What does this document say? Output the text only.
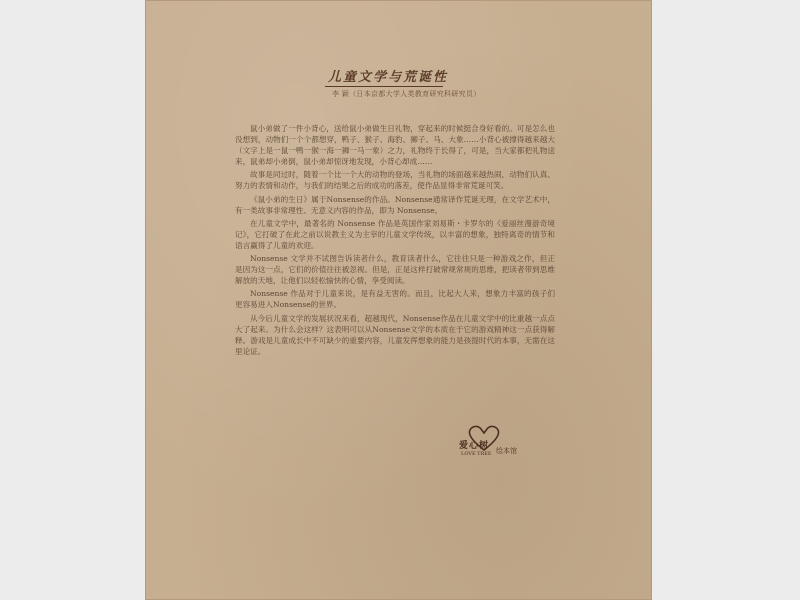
儿童文学与荒诞性
李 颖（日本京都大学人类教育研究科研究员）

鼠小弟做了一件小背心，送给鼠小弟做生日礼物，穿起来的时候挺合身好看的。可是怎么也没想到，动物们一个个都想穿，鸭子、猴子、海豹、狮子、马、大象……小背心被撑得越来越大（文字上是一鼠一鸭一猴一海一狮一马一象）之力，礼物终于长得了，可是，当大家都把礼物送来，鼠弟却小弟倒，鼠小弟却惊讶地发现，小背心却成……

故事是同过时，随着一个比一个大的动物的登场，当礼物的场面越来越热闹，动物们认真、努力的表情和动作，与我们的结果之后的成功的落差，使作品显得非常荒诞可笑。

《鼠小弟的生日》属于Nonsense的作品。Nonsense通常译作荒诞无理，在文学艺术中，有一类故事非常理性、无意义内容的作品，即为 Nonsense。

在儿童文学中，最著名的 Nonsense 作品是英国作家刘易斯・卡罗尔的《爱丽丝漫游奇境记》，它打破了在此之前以说教主义为主宰的儿童文学传统，以丰富的想象，独特离奇的情节和语言赢得了儿童的欢迎。

Nonsense 文学并不试图告诉读者什么，教育读者什么，它往往只是一种游戏之作，但正是因为这一点，它们的价值往往被忽视。但是，正是这样打破常规常规的思维，把读者带到思维解放的天地，让他们以轻松愉快的心情，享受阅读。

Nonsense 作品对于儿童来说，是有益无害的。而且，比起大人来，想象力丰富的孩子们更容易进入Nonsense的世界。

从今后儿童文学的发展状况来看，超越现代，Nonsense作品在儿童文学中的比重越一点点大了起来。为什么会这样？这表明可以从Nonsense文学的本质在于它的游戏精神这一点获得解释。游戏是儿童成长中不可缺少的重要内容，儿童发挥想象的能力是孩提时代的本事，无需在这里论证。

爱心树
LOVE TREE 绘本馆
